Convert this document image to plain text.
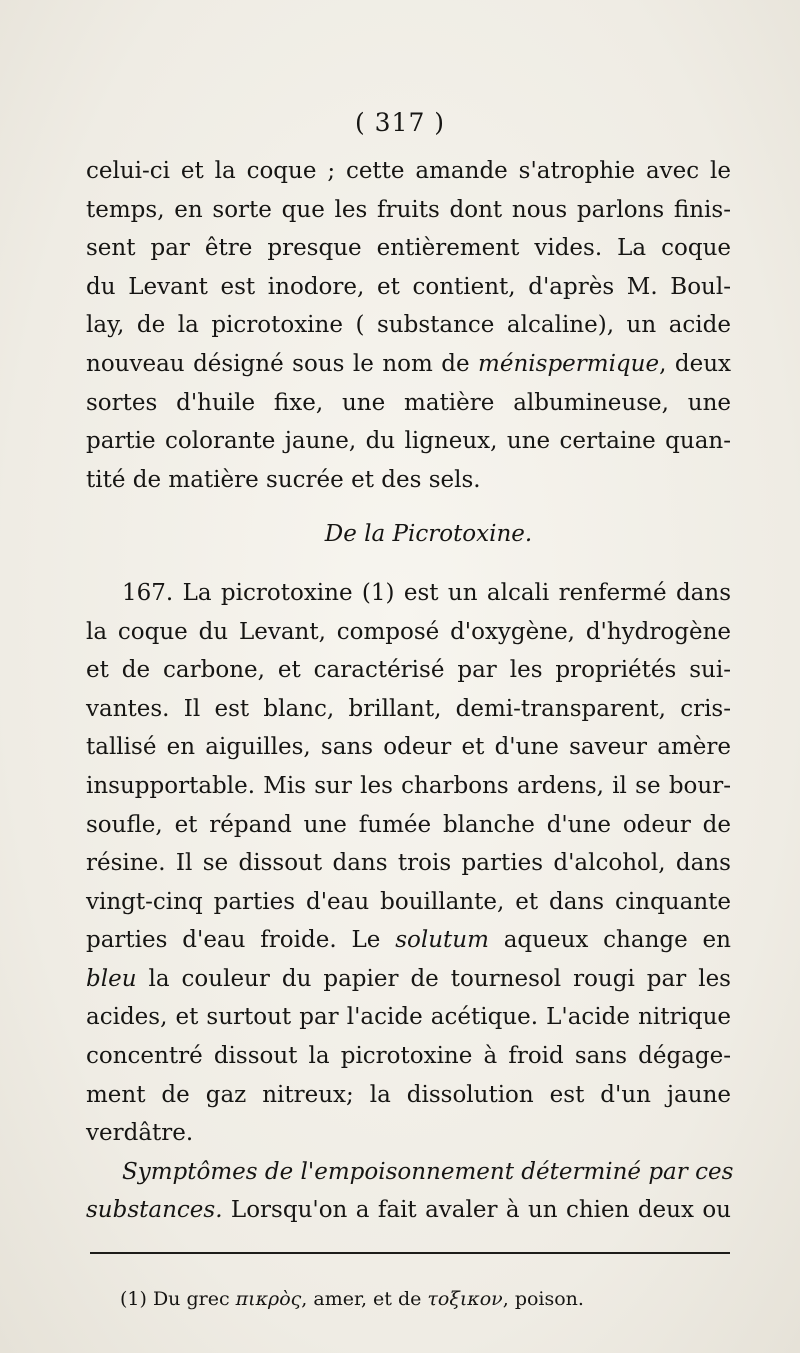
( 317 )
celui-ci et la coque ; cette amande s'atrophie avec le
temps, en sorte que les fruits dont nous parlons finis-
sent par être presque entièrement vides. La coque
du Levant est inodore, et contient, d'après M. Boul-
lay, de la picrotoxine ( substance alcaline), un acide
nouveau désigné sous le nom de ménispermique, deux
sortes d'huile fixe, une matière albumineuse, une
partie colorante jaune, du ligneux, une certaine quan-
tité de matière sucrée et des sels.
De la Picrotoxine.
167. La picrotoxine (1) est un alcali renfermé dans
la coque du Levant, composé d'oxygène, d'hydrogène
et de carbone, et caractérisé par les propriétés sui-
vantes. Il est blanc, brillant, demi-transparent, cris-
tallisé en aiguilles, sans odeur et d'une saveur amère
insupportable. Mis sur les charbons ardens, il se bour-
soufle, et répand une fumée blanche d'une odeur de
résine. Il se dissout dans trois parties d'alcohol, dans
vingt-cinq parties d'eau bouillante, et dans cinquante
parties d'eau froide. Le solutum aqueux change en
bleu la couleur du papier de tournesol rougi par les
acides, et surtout par l'acide acétique. L'acide nitrique
concentré dissout la picrotoxine à froid sans dégage-
ment de gaz nitreux; la dissolution est d'un jaune
verdâtre.
Symptômes de l'empoisonnement déterminé par ces
substances. Lorsqu'on a fait avaler à un chien deux ou
(1) Du grec πικρὸς, amer, et de τοξικον, poison.
